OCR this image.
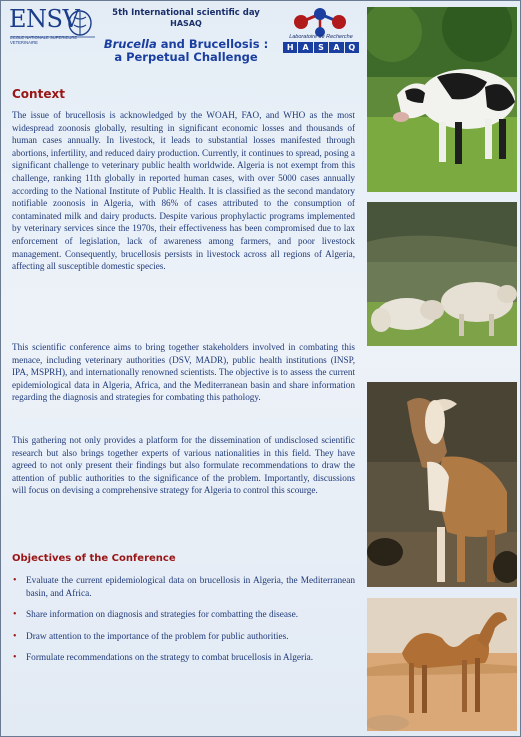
ENSV
ECOLE NATIONALE SUPERIEURE VETERINAIRE
5th International scientific day
HASAQ
Brucella and Brucellosis :
a Perpetual Challenge
Laboratoire de Recherche
H	A	S	A	Q
Context

The issue of brucellosis is acknowledged by the WOAH, FAO, and WHO as the most widespread zoonosis globally, resulting in significant economic losses and thousands of human cases annually. In livestock, it leads to substantial losses manifested through abortions, infertility, and reduced dairy production. Currently, it continues to spread, posing a significant challenge to veterinary public health worldwide. Algeria is not exempt from this challenge, ranking 11th globally in reported human cases, with over 5000 cases annually according to the National Institute of Public Health. It is classified as the second mandatory notifiable zoonosis in Algeria, with 86% of cases attributed to the consumption of contaminated milk and dairy products. Despite various prophylactic programs implemented by veterinary services since the 1970s, their effectiveness has been compromised due to lax enforcement of legislation, lack of awareness among farmers, and poor livestock management. Consequently, brucellosis persists in livestock across all regions of Algeria, affecting all susceptible domestic species.

This scientific conference aims to bring together stakeholders involved in combating this menace, including veterinary authorities (DSV, MADR), public health institutions (INSP, IPA, MSPRH), and internationally renowned scientists. The objective is to assess the current epidemiological data in Algeria, Africa, and the Mediterranean basin and share information regarding the diagnosis and strategies for combating this pathology.

This gathering not only provides a platform for the dissemination of undisclosed scientific research but also brings together experts of various nationalities in this field. They have agreed to not only present their findings but also formulate recommendations to draw the attention of public authorities to the significance of the problem. Importantly, discussions will focus on devising a comprehensive strategy for Algeria to control this scourge.

Objectives of the Conference
• Evaluate the current epidemiological data on brucellosis in Algeria, the Mediterranean basin, and Africa.
• Share information on diagnosis and strategies for combatting the disease.
• Draw attention to the importance of the problem for public authorities.
• Formulate recommendations on the strategy to combat brucellosis in Algeria.
